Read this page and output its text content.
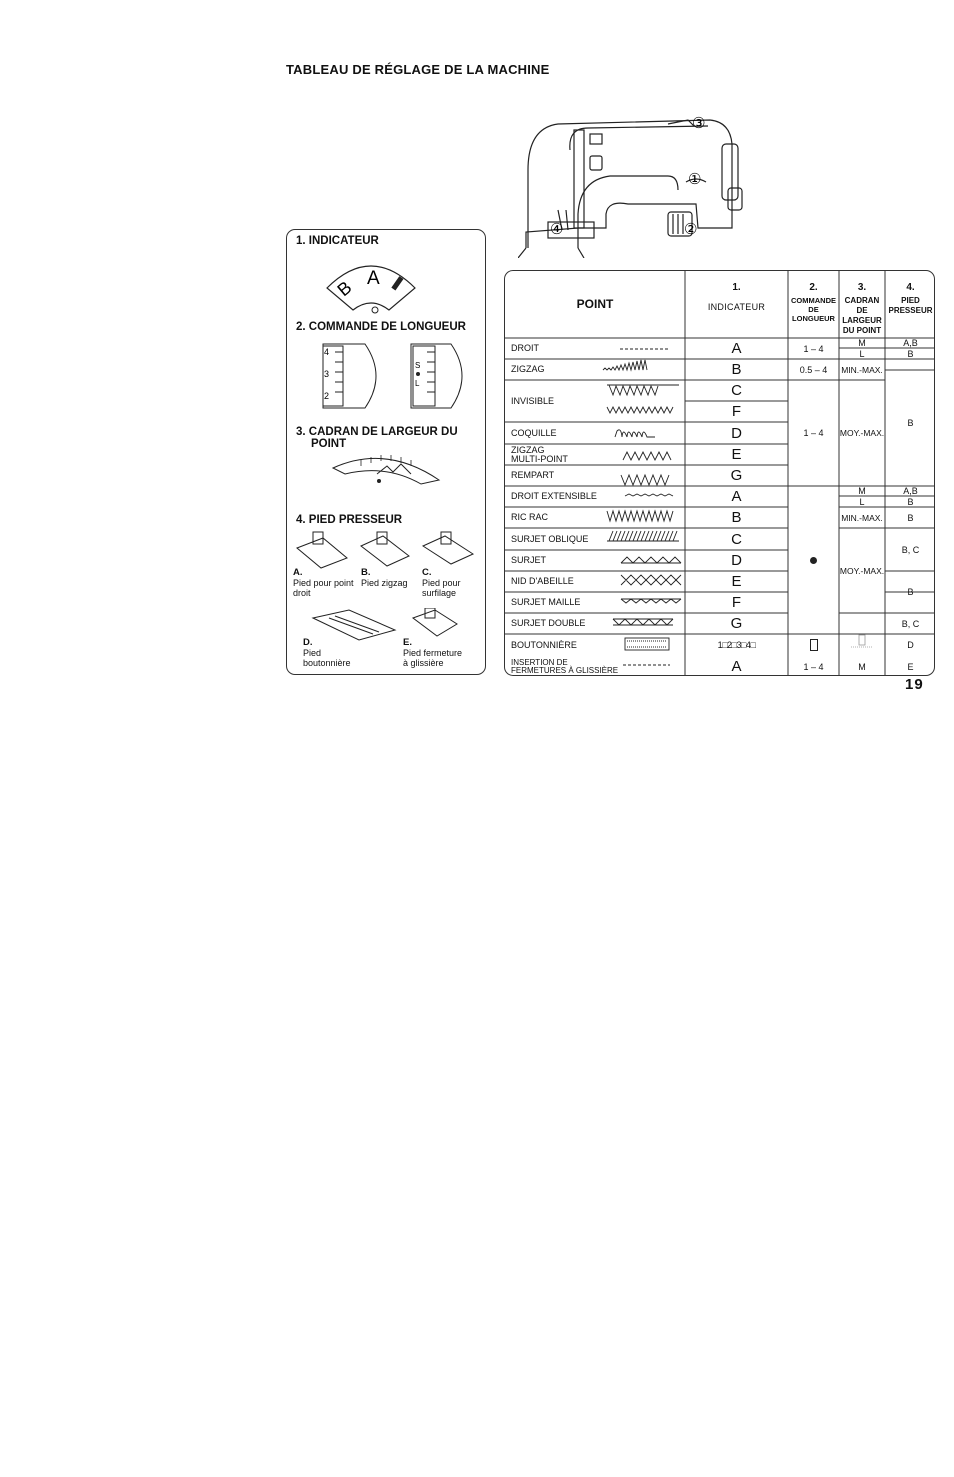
TABLEAU DE RÉGLAGE DE LA MACHINE
③
①
②
④
1. INDICATEUR
B A
2. COMMANDE DE LONGUEUR
4
3
2
S
L
3. CADRAN DE LARGEUR DU
POINT
4. PIED PRESSEUR
A.
Pied pour point
droit
B.
Pied zigzag
C.
Pied pour
surfilage
D.
Pied
boutonnière
E.
Pied fermeture
à glissière
POINT
1.
INDICATEUR
2.
COMMANDE
DE
LONGUEUR
3.
CADRAN
DE
LARGEUR
DU POINT
4.
PIED
PRESSEUR
DROIT
ZIGZAG
INVISIBLE
COQUILLE
ZIGZAG
MULTI-POINT
REMPART
DROIT EXTENSIBLE
RIC RAC
SURJET OBLIQUE
SURJET
NID D'ABEILLE
SURJET MAILLE
SURJET DOUBLE
BOUTONNIÈRE
INSERTION DE
FERMETURES À GLISSIÈRE
A
B
C
F
D
E
G
A
B
C
D
E
F
G
1□2□3□4□
A
1 – 4
0.5 – 4
1 – 4
1 – 4
M
L
MIN.-MAX.
MOY.-MAX.
M
L
MIN.-MAX.
MOY.-MAX.
M
A,B
B
B
A,B
B
B
B, C
B
B, C
D
E
19
